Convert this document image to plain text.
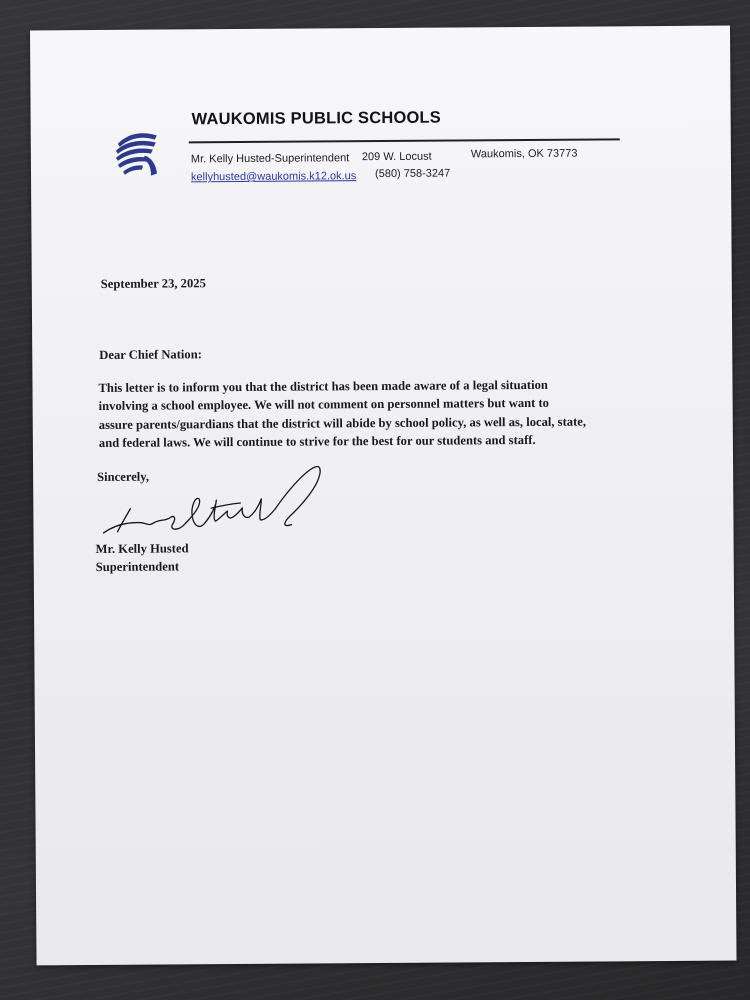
WAUKOMIS PUBLIC SCHOOLS
Mr. Kelly Husted-Superintendent 209 W. Locust	Waukomis, OK 73773
kellyhusted@waukomis.k12.ok.us (580) 758-3247
September 23, 2025
Dear Chief Nation:
This letter is to inform you that the district has been made aware of a legal situation
involving a school employee. We will not comment on personnel matters but want to
assure parents/guardians that the district will abide by school policy, as well as, local, state,
and federal laws. We will continue to strive for the best for our students and staff.
Sincerely,
Mr. Kelly Husted
Superintendent
